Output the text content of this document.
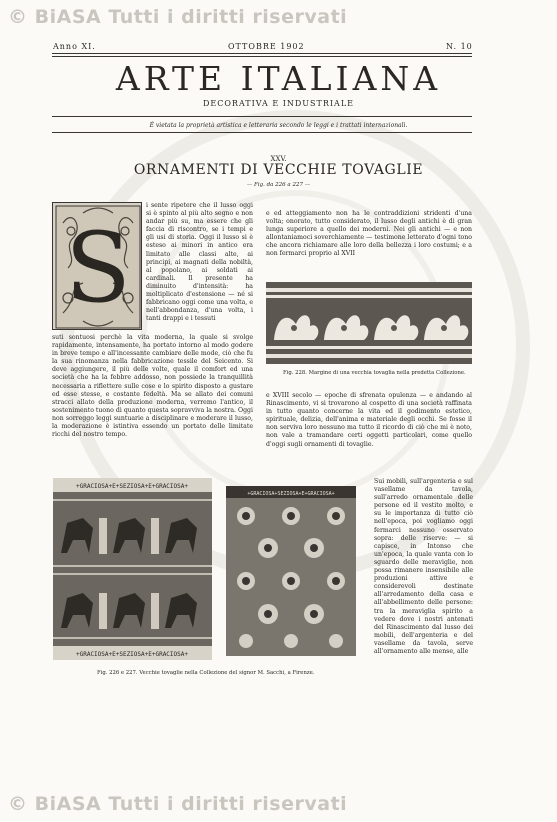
© BiASA Tutti i diritti riservati
Anno XI.	OTTOBRE 1902	N. 10
ARTE ITALIANA
DECORATIVA E INDUSTRIALE
È vietata la proprietà artistica e letteraria secondo le leggi e i trattati internazionali.
XXV.
ORNAMENTI DI VECCHIE TOVAGLIE
— Fig. da 226 a 227 —
S
i sente ripetere che il lusso oggi si è spinto al più alto segno e non andar più su, ma essere che gli faccia di riscontro, se i tempi e gli usi di storia. Oggi il lusso si è esteso ai minori in antico era limitato alle classi alte, ai principi, ai magnati della nobiltà, al popolano, ai soldati ai cardinali. Il presente ha diminuito d'intensità: ha moltiplicato d'estensione — né si fabbricano oggi come una volta, e nell'abbondanza, d'una volta, i tanti drappi e i tessuti
suti sontuosi perchè la vita moderna, la quale si svolge rapidamente, intensamente, ha portato intorno al modo godere in breve tempo e all'incessante cambiare delle mode, ciò che fu la sua rinomanza nella fabbricazione tessile del Seicento. Si deve aggiungere, il più delle volte, quale il comfort ed una società che ha la febbre addosso, non possiede la tranquillità necessaria a riflettere sulle cose e lo spirito disposto a gustare ed esse stesse, e costante fedeltà. Ma se allato dei comuni stracci allato della produzione moderna, verremo l'antico, il sostenimento tuono di quanto questa sopravviva la nostra. Oggi non sorreggo leggi suntuarie a disciplinare e moderare il lusso, la moderazione è istintiva essendo un portato delle limitate ricchi del nostro tempo.
e ed atteggiamento non ha le contraddizioni stridenti d'una volta; onorato, tutto considerato, il lusso degli antichi è di gran lunga superiore a quello dei moderni. Nei gli antichi — e non allontaniamoci soverchiamente — testimone letterato d'ogni tono che ancora richiamare alle loro della bellezza i loro costumi; e a non fermarci proprio al XVII
Fig. 228. Margine di una vecchia tovaglia nella predetta Collezione.
e XVIII secolo — epoche di sfrenata opulenza — e andando al Rinascimento, vi si trovarono al cospetto di una società raffinata in tutto quanto concerne la vita ed il godimento estetico, spirituale, delizia, dell'anima e materiale degli occhi. Se fosse il non serviva loro nessuno ma tutto il ricordo di ciò che mi è noto, non vale a tramandare certi oggetti particolari, come quello d'oggi sugli ornamenti di tovaglie.
+GRACIOSA+E+SEZIOSA+E+GRACIOSA+
+GRACIOSA+E+SEZIOSA+E+GRACIOSA+
+GRACIOSA+SEZIOSA+E+GRACIOSA+
Fig. 226 e 227. Vecchie tovaglie nella Collezione del signor M. Sacchi, a Firenze.
Sui mobili, sull'argenteria e sul vasellame da tavola, sull'arredo ornamentale delle persone ed il vestito molto, e su le importanza di tutto ciò nell'epoca, poi vogliamo oggi fermarci nessuno osservato sopra: delle riserve: — si capisce, in Intonso che un'epoca, la quale vanta con lo sguardo delle meraviglie, non possa rimanere insensibile alle produzioni attive e considerevoli destinate all'arredamento della casa e all'abbellimento delle persone: tra la meraviglia spirito a vedere dove i nostri antenati del Rinascimento dal lusso dei mobili, dell'argenteria e del vasellame da tavola, serve all'ornamento alle mense, alle
© BiASA Tutti i diritti riservati
